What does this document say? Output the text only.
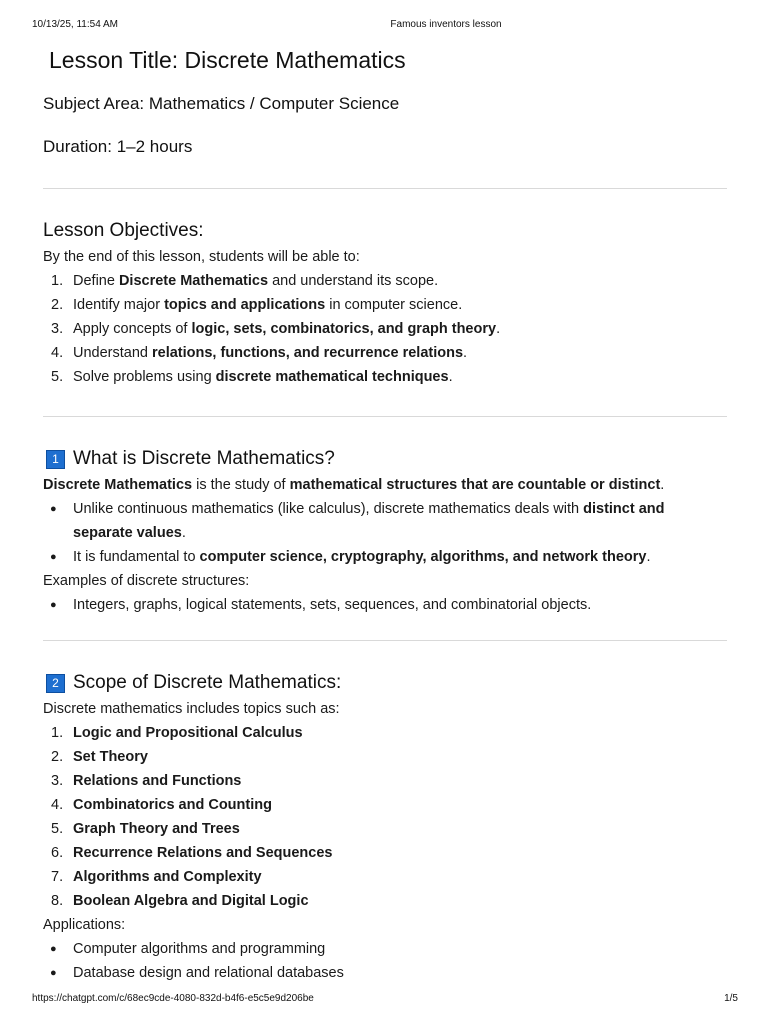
10/13/25, 11:54 AM	Famous inventors lesson
Lesson Title: Discrete Mathematics

Subject Area: Mathematics / Computer Science

Duration: 1–2 hours

Lesson Objectives:

By the end of this lesson, students will be able to:

1. Define Discrete Mathematics and understand its scope.
2. Identify major topics and applications in computer science.
3. Apply concepts of logic, sets, combinatorics, and graph theory.
4. Understand relations, functions, and recurrence relations.
5. Solve problems using discrete mathematical techniques.
1 What is Discrete Mathematics?

Discrete Mathematics is the study of mathematical structures that are countable or distinct.

● Unlike continuous mathematics (like calculus), discrete mathematics deals with distinct and
separate values.
● It is fundamental to computer science, cryptography, algorithms, and network theory.

Examples of discrete structures:

● Integers, graphs, logical statements, sets, sequences, and combinatorial objects.
2 Scope of Discrete Mathematics:

Discrete mathematics includes topics such as:

1. Logic and Propositional Calculus
2. Set Theory
3. Relations and Functions
4. Combinatorics and Counting
5. Graph Theory and Trees
6. Recurrence Relations and Sequences
7. Algorithms and Complexity
8. Boolean Algebra and Digital Logic

Applications:

● Computer algorithms and programming
● Database design and relational databases
https://chatgpt.com/c/68ec9cde-4080-832d-b4f6-e5c5e9d206be	1/5
